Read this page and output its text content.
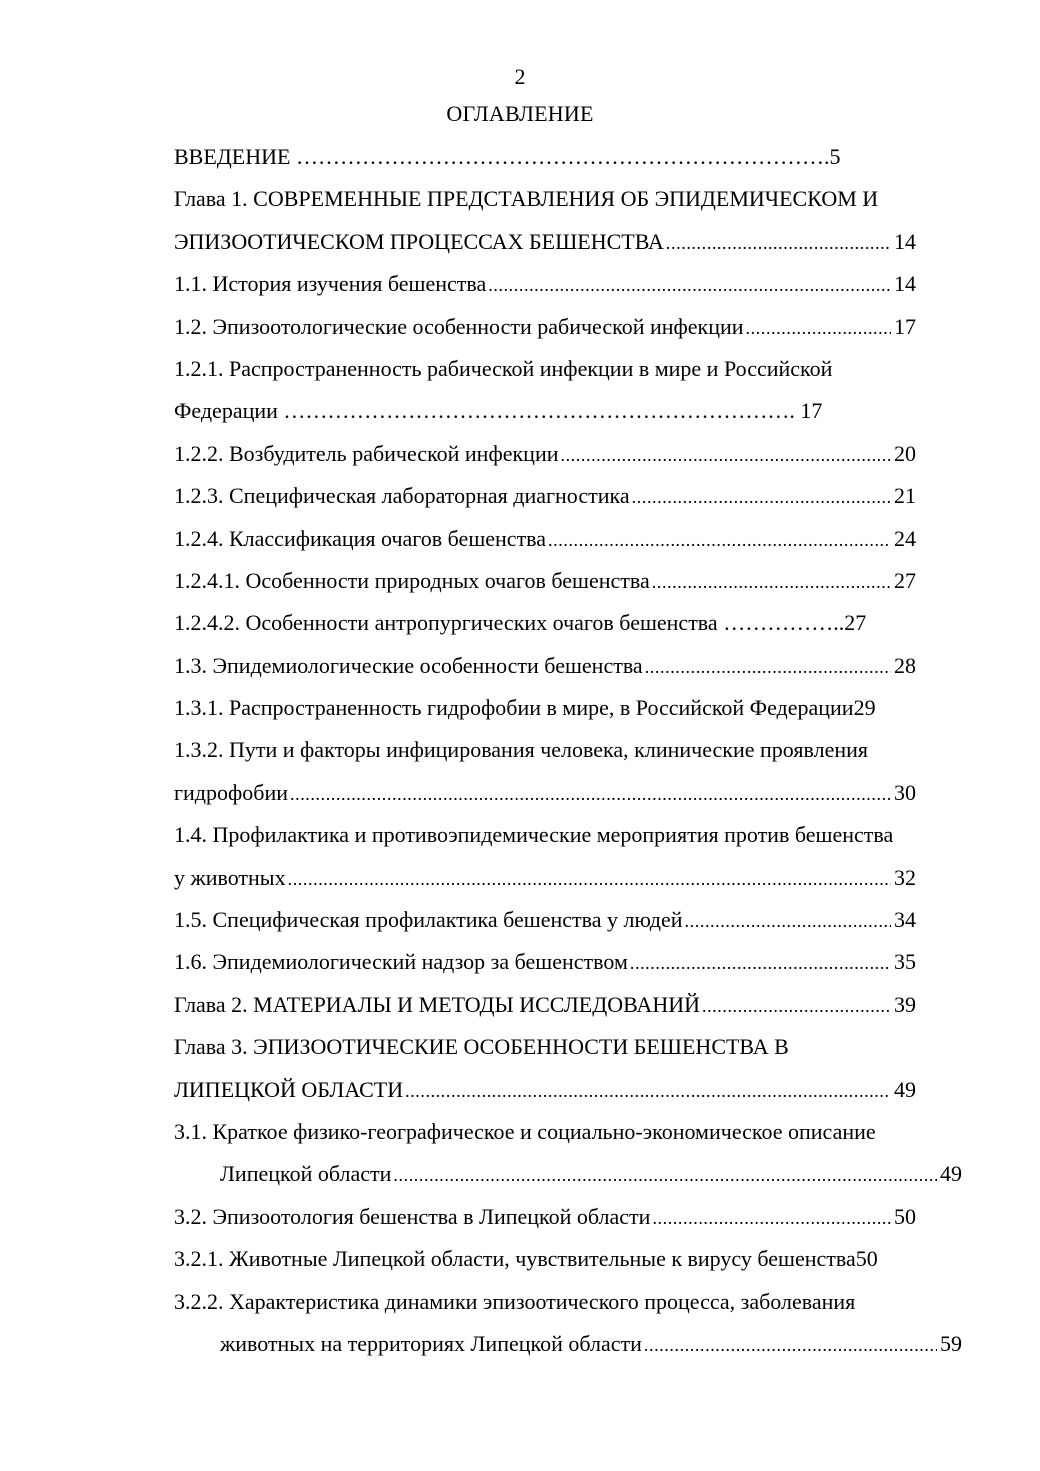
2
ОГЛАВЛЕНИЕ
ВВЕДЕНИЕ ………………………………………………………………. 5
Глава 1. СОВРЕМЕННЫЕ ПРЕДСТАВЛЕНИЯ ОБ ЭПИДЕМИЧЕСКОМ И
ЭПИЗООТИЧЕСКОМ ПРОЦЕССАХ БЕШЕНСТВА .....	14
1.1. История изучения бешенства .....	14
1.2. Эпизоотологические особенности рабической инфекции .....	17
1.2.1. Распространенность рабической инфекции в мире и Российской
Федерации ……………………………………………………………. 17
1.2.2. Возбудитель рабической инфекции .....	20
1.2.3. Специфическая лабораторная диагностика .....	21
1.2.4. Классификация очагов бешенства .....	24
1.2.4.1. Особенности природных очагов бешенства .....	27
1.2.4.2. Особенности антропургических очагов бешенства …………….. 27
1.3. Эпидемиологические особенности бешенства .....	28
1.3.1. Распространенность гидрофобии в мире, в Российской Федерации29
1.3.2. Пути и факторы инфицирования человека, клинические проявления
гидрофобии .....	30
1.4. Профилактика и противоэпидемические мероприятия против бешенства
у животных .....	32
1.5. Специфическая профилактика бешенства у людей .....	34
1.6. Эпидемиологический надзор за бешенством .....	35
Глава 2. МАТЕРИАЛЫ И МЕТОДЫ ИССЛЕДОВАНИЙ .....	39
Глава 3. ЭПИЗООТИЧЕСКИЕ ОСОБЕННОСТИ БЕШЕНСТВА В
ЛИПЕЦКОЙ ОБЛАСТИ .....	49
3.1. Краткое физико-географическое и социально-экономическое описание
Липецкой области .....	49
3.2. Эпизоотология бешенства в Липецкой области .....	50
3.2.1. Животные Липецкой области, чувствительные к вирусу бешенства50
3.2.2. Характеристика динамики эпизоотического процесса, заболевания
животных на территориях Липецкой области .....	59
